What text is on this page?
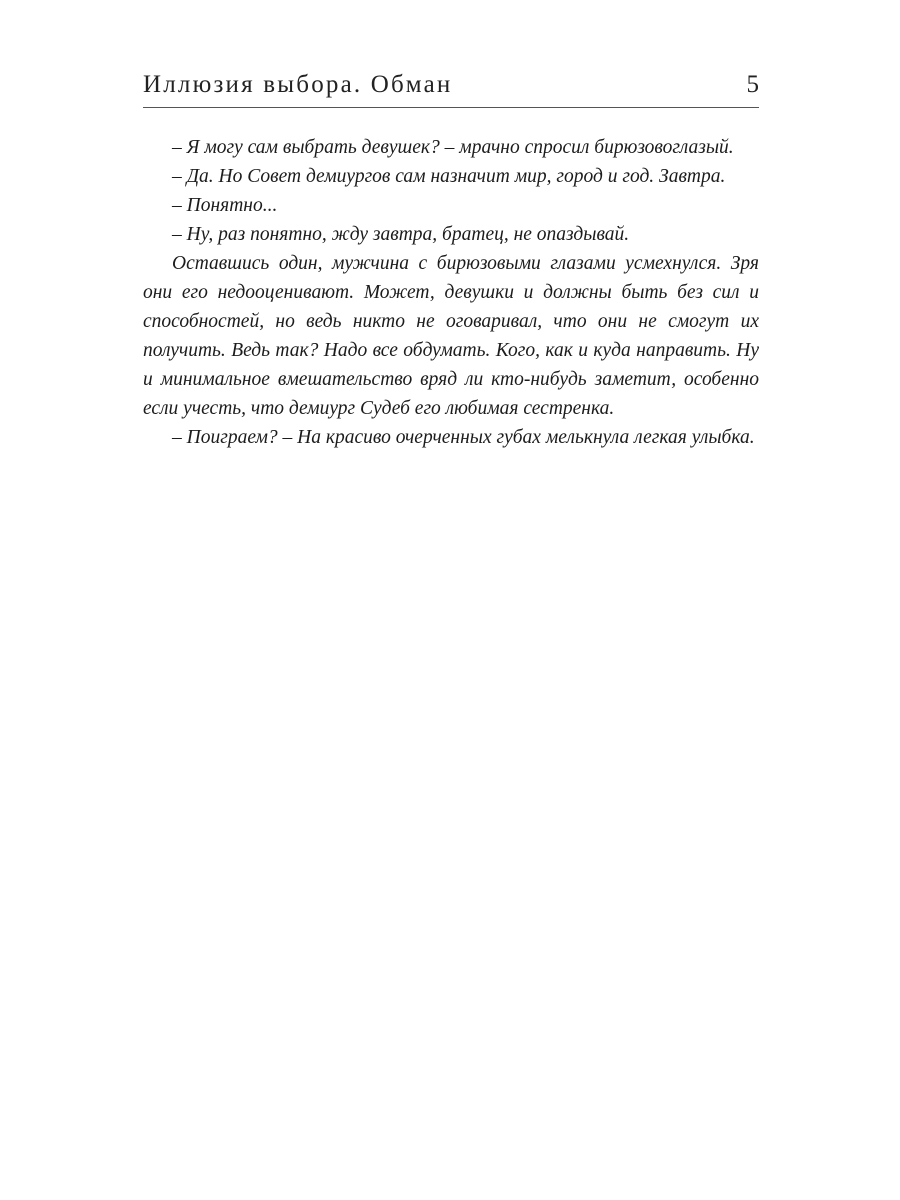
Иллюзия выбора. Обман	5

– Я могу сам выбрать девушек? – мрачно спросил бирюзовоглазый.

– Да. Но Совет демиургов сам назначит мир, город и год. Завтра.

– Понятно...

– Ну, раз понятно, жду завтра, братец, не опаздывай.

Оставшись один, мужчина с бирюзовыми глазами усмехнулся. Зря они его недооценивают. Может, девушки и должны быть без сил и способностей, но ведь никто не оговаривал, что они не смогут их получить. Ведь так? Надо все обдумать. Кого, как и куда направить. Ну и минимальное вмешательство вряд ли кто-нибудь заметит, особенно если учесть, что демиург Судеб его любимая сестренка.

– Поиграем? – На красиво очерченных губах мелькнула легкая улыбка.
